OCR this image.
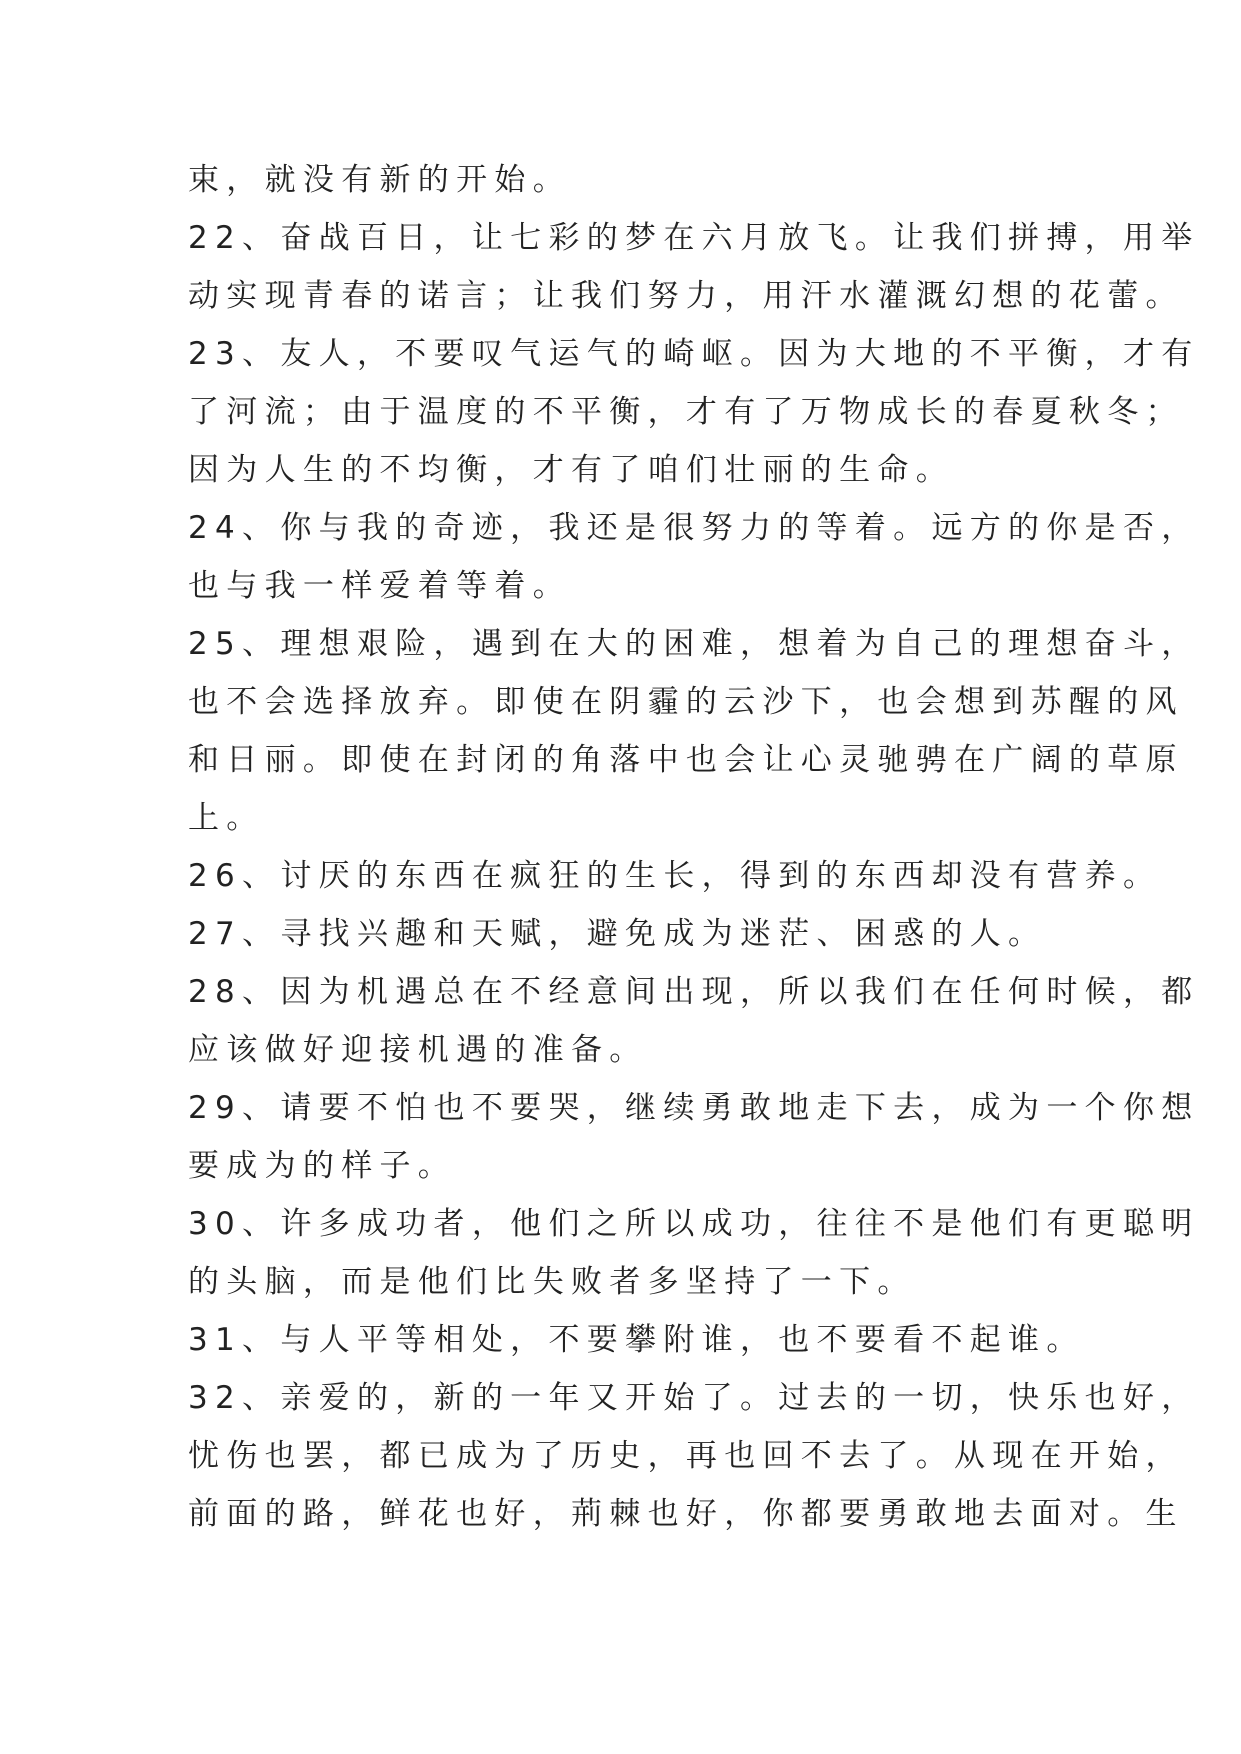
束，就没有新的开始。
22、奋战百日，让七彩的梦在六月放飞。让我们拼搏，用举
动实现青春的诺言；让我们努力，用汗水灌溉幻想的花蕾。
23、友人，不要叹气运气的崎岖。因为大地的不平衡，才有
了河流；由于温度的不平衡，才有了万物成长的春夏秋冬；
因为人生的不均衡，才有了咱们壮丽的生命。
24、你与我的奇迹，我还是很努力的等着。远方的你是否，
也与我一样爱着等着。
25、理想艰险，遇到在大的困难，想着为自己的理想奋斗，
也不会选择放弃。即使在阴霾的云沙下，也会想到苏醒的风
和日丽。即使在封闭的角落中也会让心灵驰骋在广阔的草原
上。
26、讨厌的东西在疯狂的生长，得到的东西却没有营养。
27、寻找兴趣和天赋，避免成为迷茫、困惑的人。
28、因为机遇总在不经意间出现，所以我们在任何时候，都
应该做好迎接机遇的准备。
29、请要不怕也不要哭，继续勇敢地走下去，成为一个你想
要成为的样子。
30、许多成功者，他们之所以成功，往往不是他们有更聪明
的头脑，而是他们比失败者多坚持了一下。
31、与人平等相处，不要攀附谁，也不要看不起谁。
32、亲爱的，新的一年又开始了。过去的一切，快乐也好，
忧伤也罢，都已成为了历史，再也回不去了。从现在开始，
前面的路，鲜花也好，荊棘也好，你都要勇敢地去面对。生
